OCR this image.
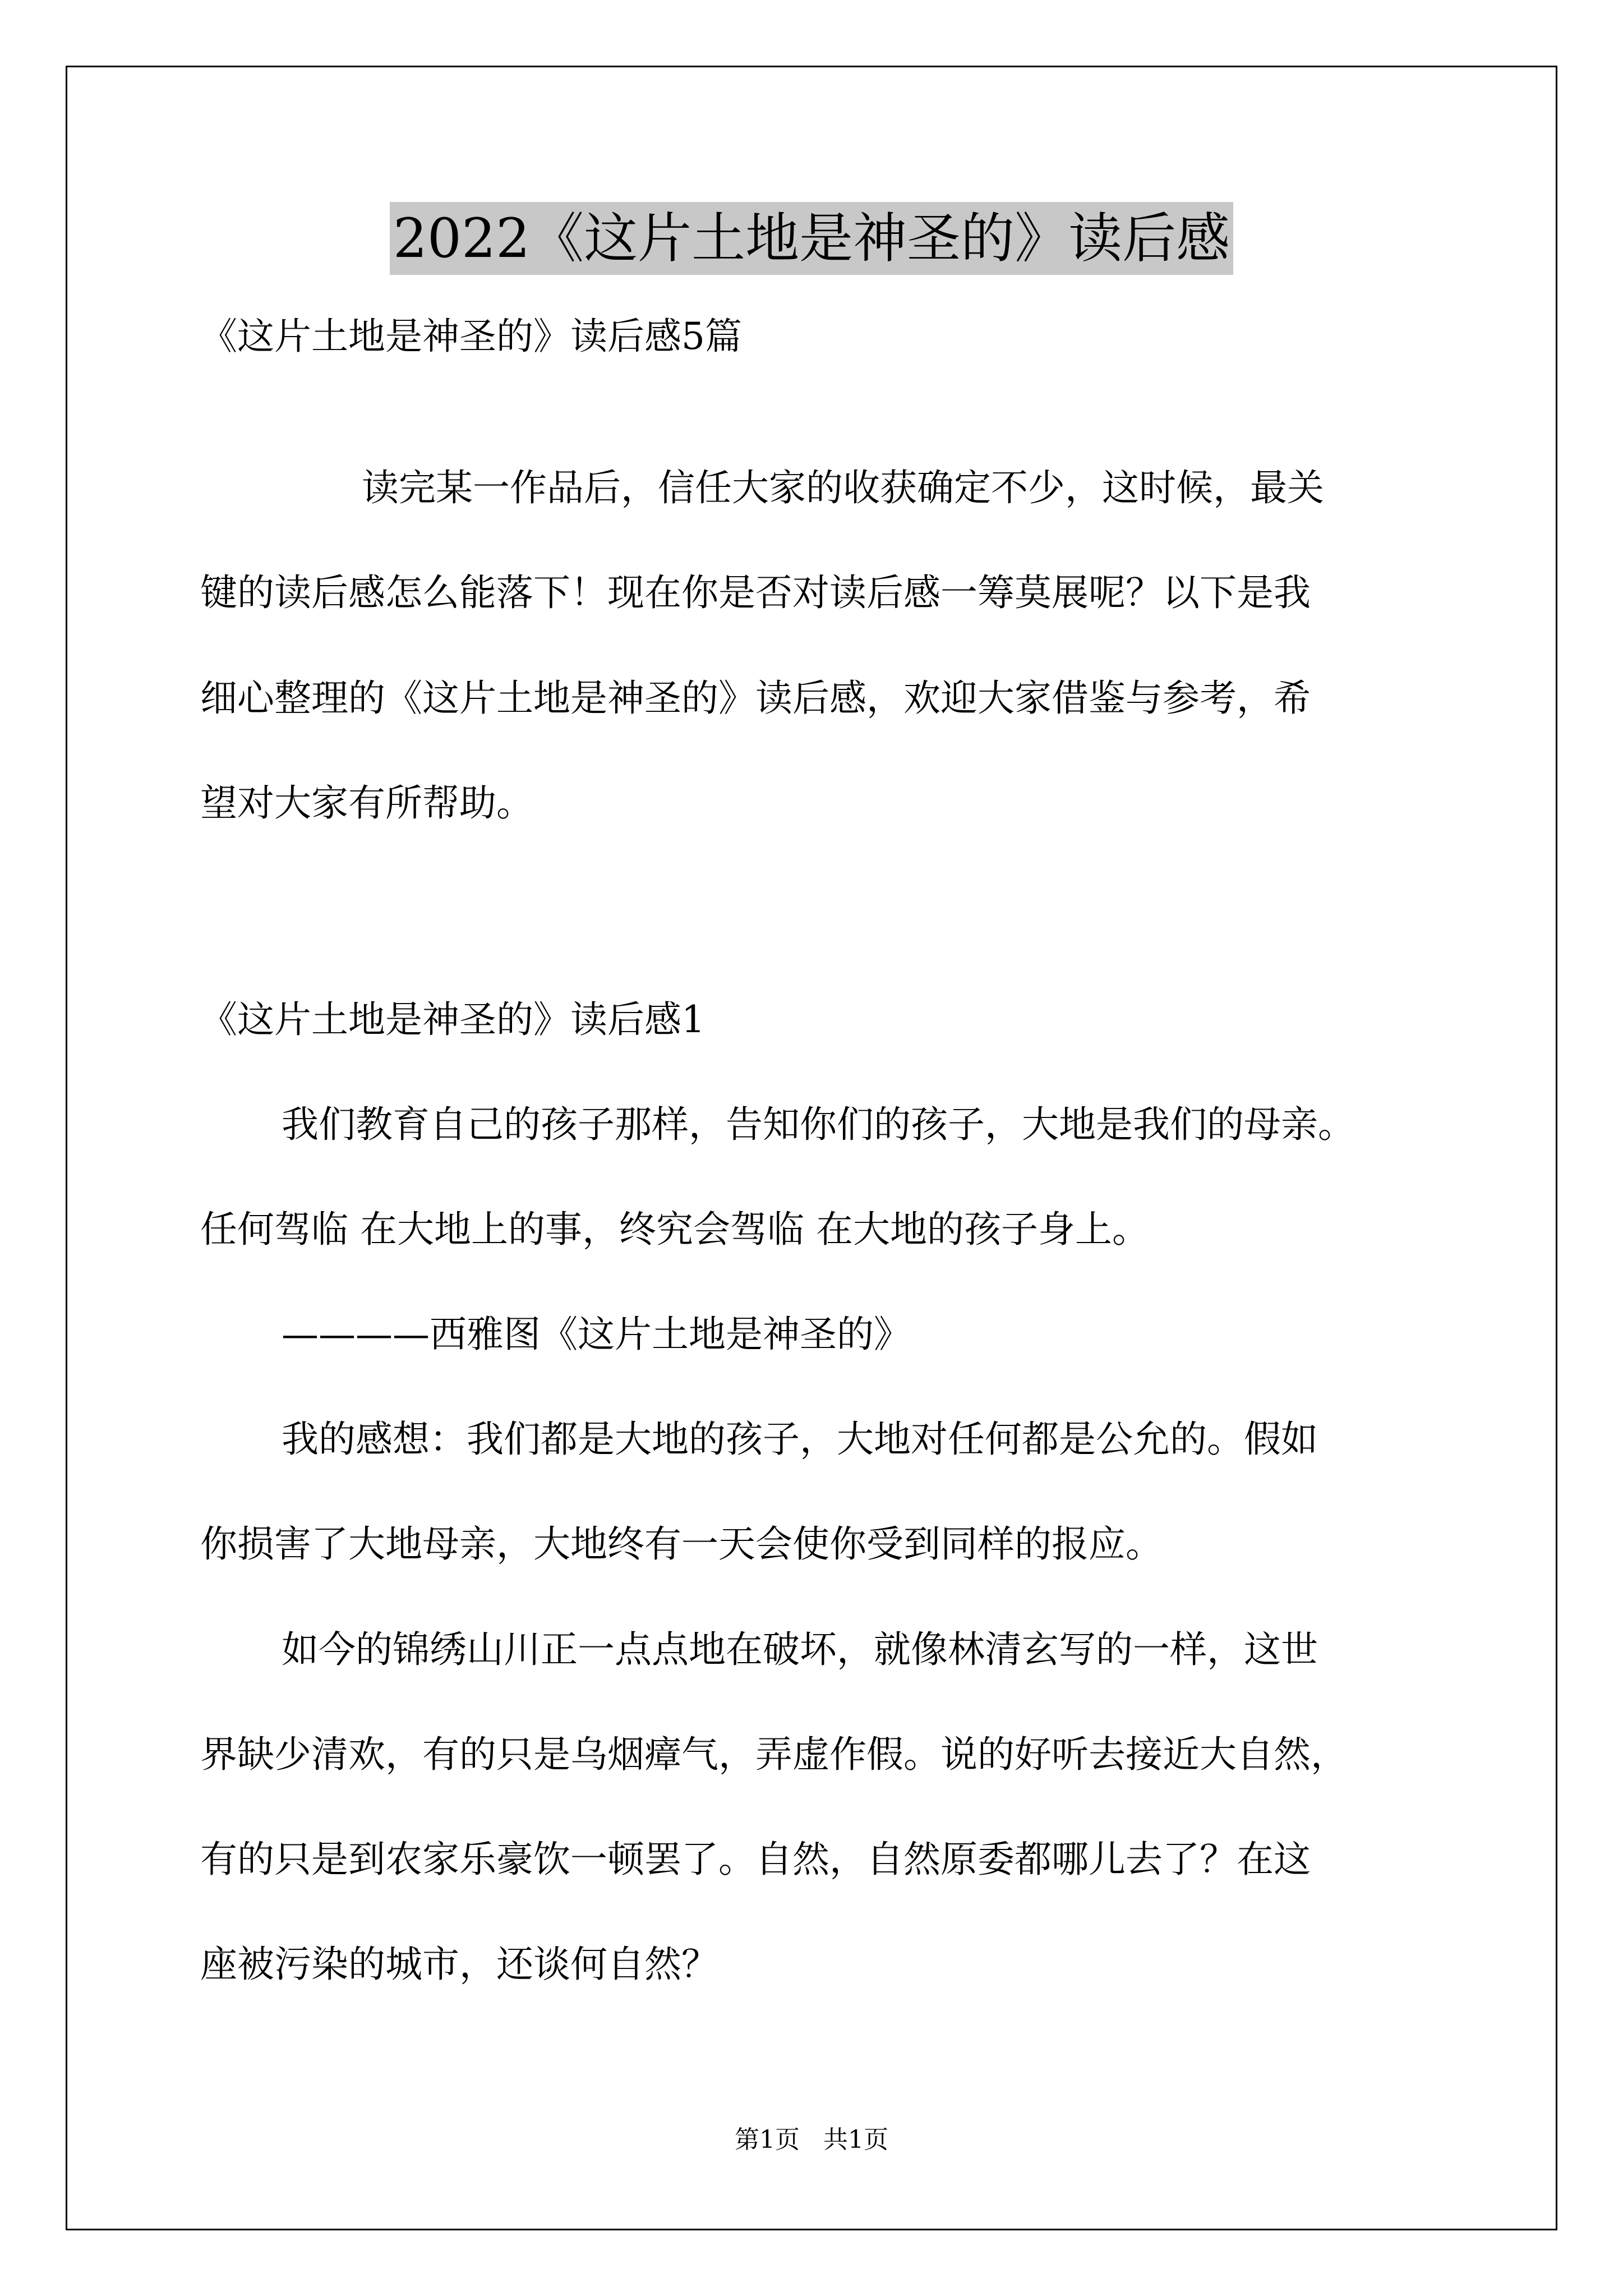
2022《这片土地是神圣的》读后感
《这片土地是神圣的》读后感5篇
读完某一作品后，信任大家的收获确定不少，这时候，最关
键的读后感怎么能落下！现在你是否对读后感一筹莫展呢？以下是我
细心整理的《这片土地是神圣的》读后感，欢迎大家借鉴与参考，希
望对大家有所帮助。
《这片土地是神圣的》读后感1
我们教育自己的孩子那样，告知你们的孩子，大地是我们的母亲。
任何驾临 在大地上的事，终究会驾临 在大地的孩子身上。
————西雅图《这片土地是神圣的》
我的感想：我们都是大地的孩子，大地对任何都是公允的。假如
你损害了大地母亲，大地终有一天会使你受到同样的报应。
如今的锦绣山川正一点点地在破坏，就像林清玄写的一样，这世
界缺少清欢，有的只是乌烟瘴气，弄虚作假。说的好听去接近大自然，
有的只是到农家乐豪饮一顿罢了。自然，自然原委都哪儿去了？在这
座被污染的城市，还谈何自然？
第1页   共1页
